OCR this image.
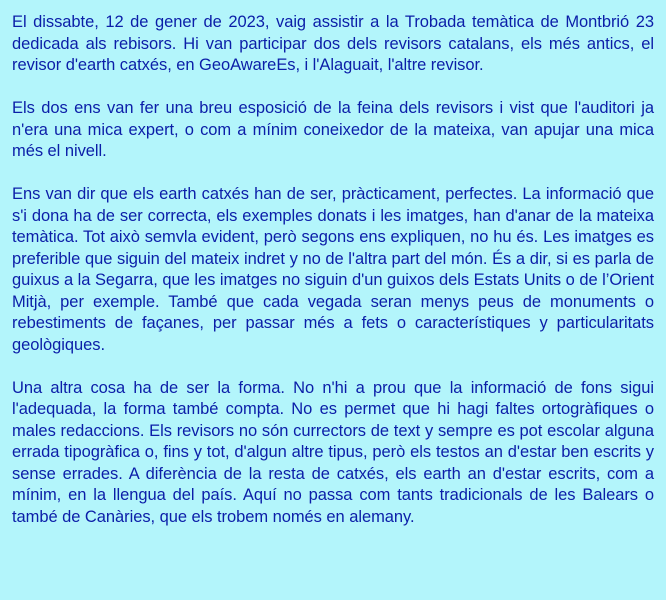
El dissabte, 12 de gener de 2023, vaig assistir a la Trobada temàtica de Montbrió 23 dedicada als rebisors. Hi van participar dos dels revisors catalans, els més antics, el revisor d'earth catxés, en GeoAwareEs, i l'Alaguait, l'altre revisor.

Els dos ens van fer una breu esposició de la feina dels revisors i vist que l'auditori ja n'era una mica expert, o com a mínim coneixedor de la mateixa, van apujar una mica més el nivell.

Ens van dir que els earth catxés han de ser, pràcticament, perfectes. La informació que s'i dona ha de ser correcta, els exemples donats i les imatges, han d'anar de la mateixa temàtica. Tot això semvla evident, però segons ens expliquen, no hu és. Les imatges es preferible que siguin del mateix indret y no de l'altra part del món. És a dir, si es parla de guixus a la Segarra, que les imatges no siguin d'un guixos dels Estats Units o de l’Orient Mitjà, per exemple. També que cada vegada seran menys peus de monuments o rebestiments de façanes, per passar més a fets o característiques y particularitats geològiques.

Una altra cosa ha de ser la forma. No n'hi a prou que la informació de fons sigui l'adequada, la forma també compta. No es permet que hi hagi faltes ortogràfiques o males redaccions. Els revisors no són currectors de text y sempre es pot escolar alguna errada tipogràfica o, fins y tot, d'algun altre tipus, però els testos an d'estar ben escrits y sense errades. A diferència de la resta de catxés, els earth an d'estar escrits, com a mínim, en la llengua del país. Aquí no passa com tants tradicionals de les Balears o també de Canàries, que els trobem només en alemany.
